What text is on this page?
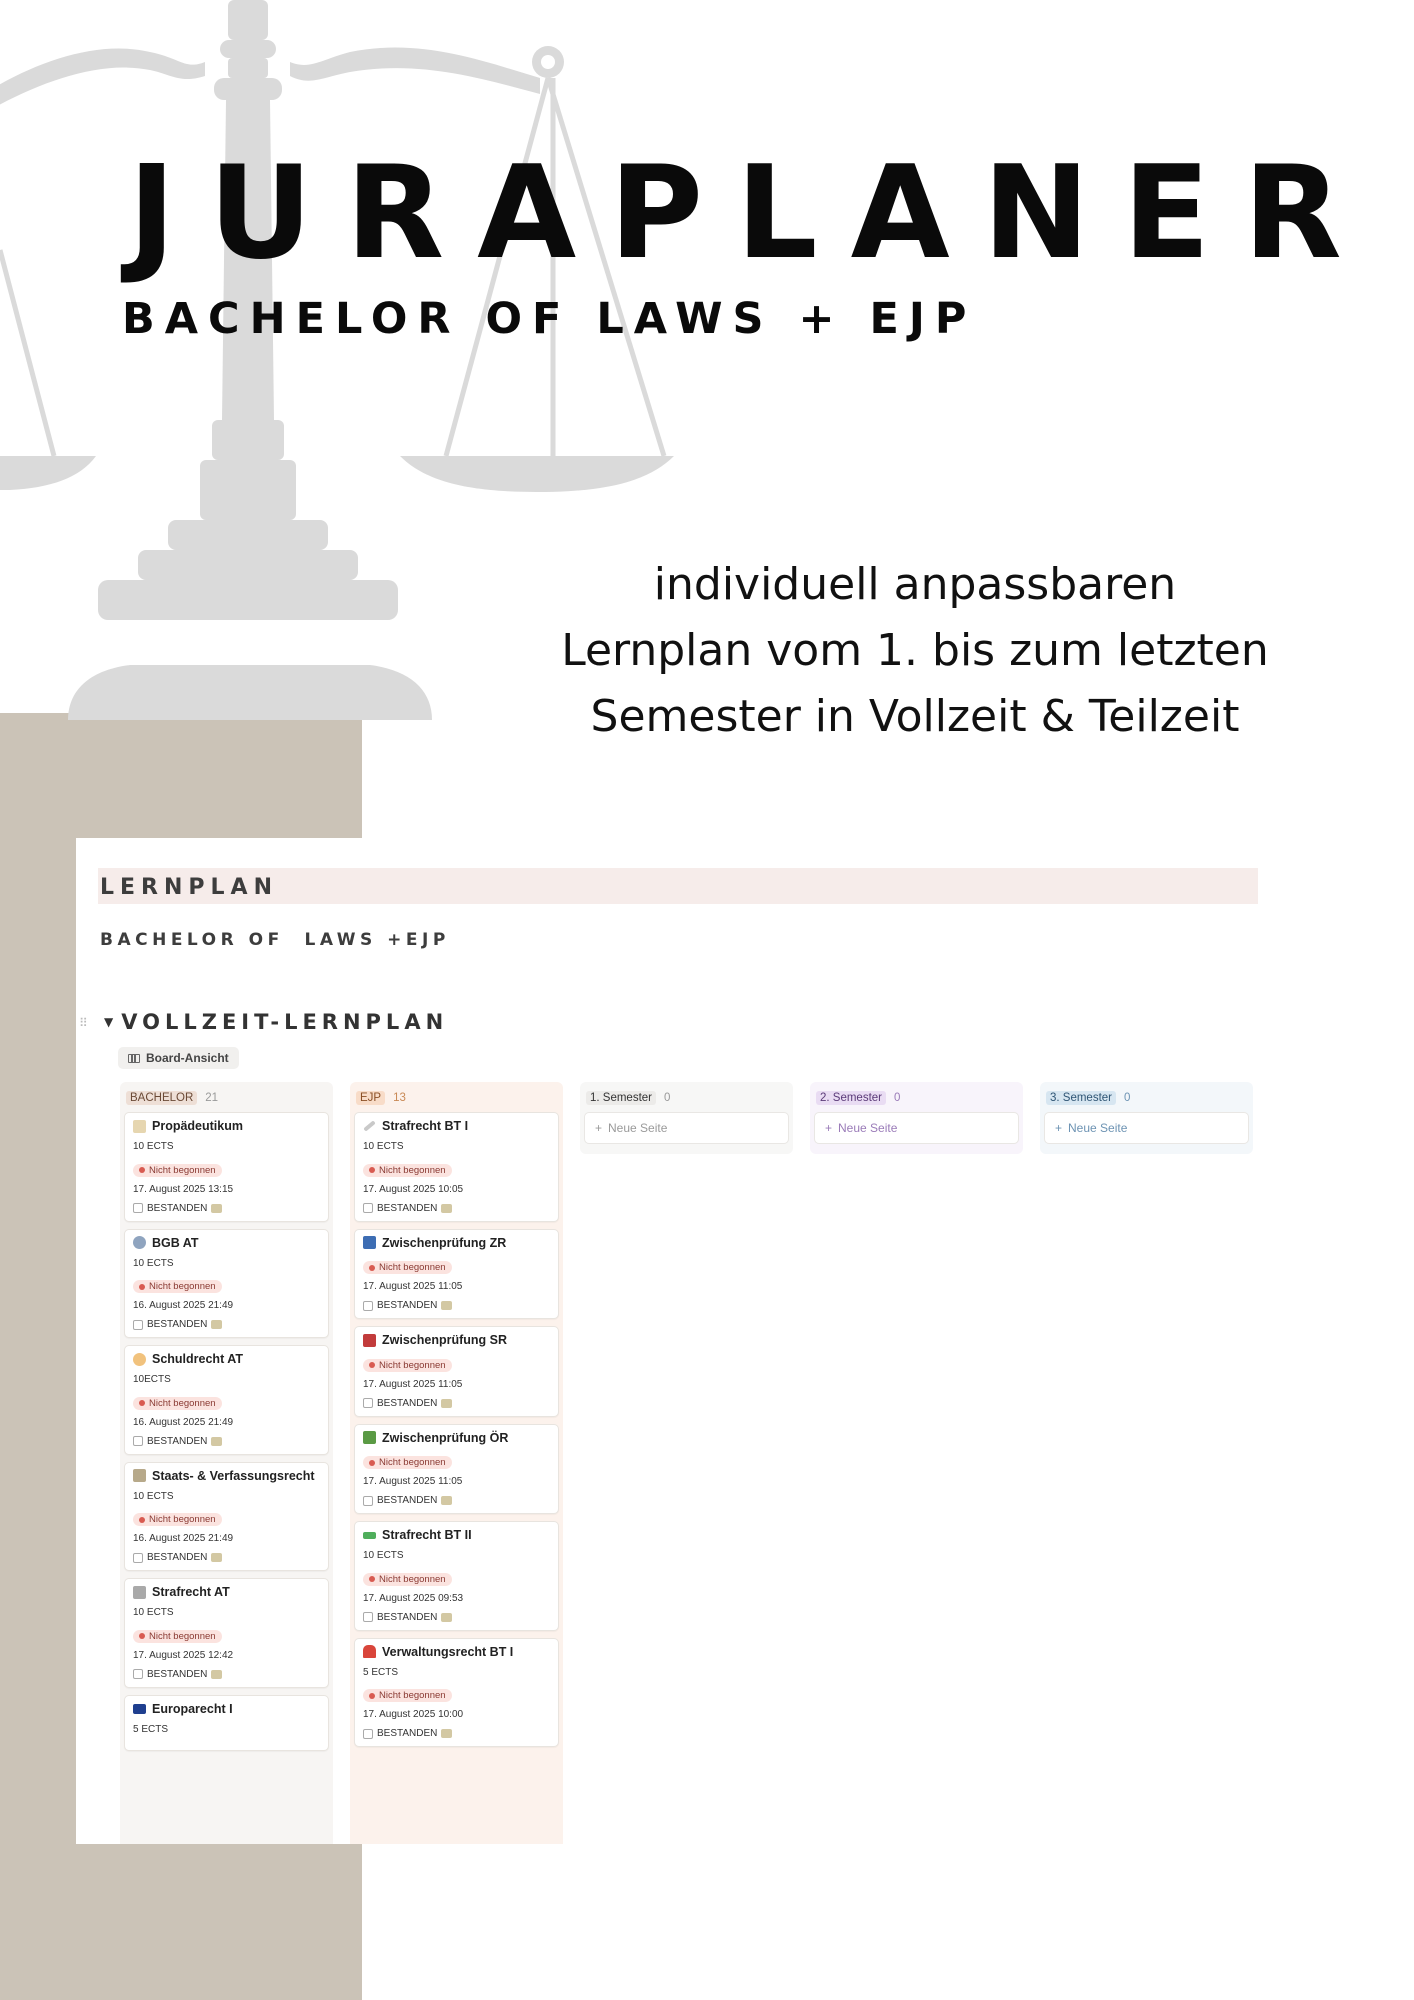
JURAPLANER
BACHELOR OF LAWS + EJP
individuell anpassbaren
Lernplan vom 1. bis zum letzten
Semester in Vollzeit & Teilzeit
LERNPLAN
BACHELOR OF  LAWS +EJP
⠿ ▼ VOLLZEIT-LERNPLAN
Board-Ansicht
BACHELOR	21
Propädeutikum
10 ECTS
Nicht begonnen
17. August 2025 13:15
BESTANDEN
BGB AT
10 ECTS
Nicht begonnen
16. August 2025 21:49
BESTANDEN
Schuldrecht AT
10ECTS
Nicht begonnen
16. August 2025 21:49
BESTANDEN
Staats- & Verfassungsrecht
10 ECTS
Nicht begonnen
16. August 2025 21:49
BESTANDEN
Strafrecht AT
10 ECTS
Nicht begonnen
17. August 2025 12:42
BESTANDEN
Europarecht I
5 ECTS
EJP	13
Strafrecht BT I
10 ECTS
Nicht begonnen
17. August 2025 10:05
BESTANDEN
Zwischenprüfung ZR
Nicht begonnen
17. August 2025 11:05
BESTANDEN
Zwischenprüfung SR
Nicht begonnen
17. August 2025 11:05
BESTANDEN
Zwischenprüfung ÖR
Nicht begonnen
17. August 2025 11:05
BESTANDEN
Strafrecht BT II
10 ECTS
Nicht begonnen
17. August 2025 09:53
BESTANDEN
Verwaltungsrecht BT I
5 ECTS
Nicht begonnen
17. August 2025 10:00
BESTANDEN
1. Semester	0
+ Neue Seite
2. Semester	0
+ Neue Seite
3. Semester	0
+ Neue Seite
